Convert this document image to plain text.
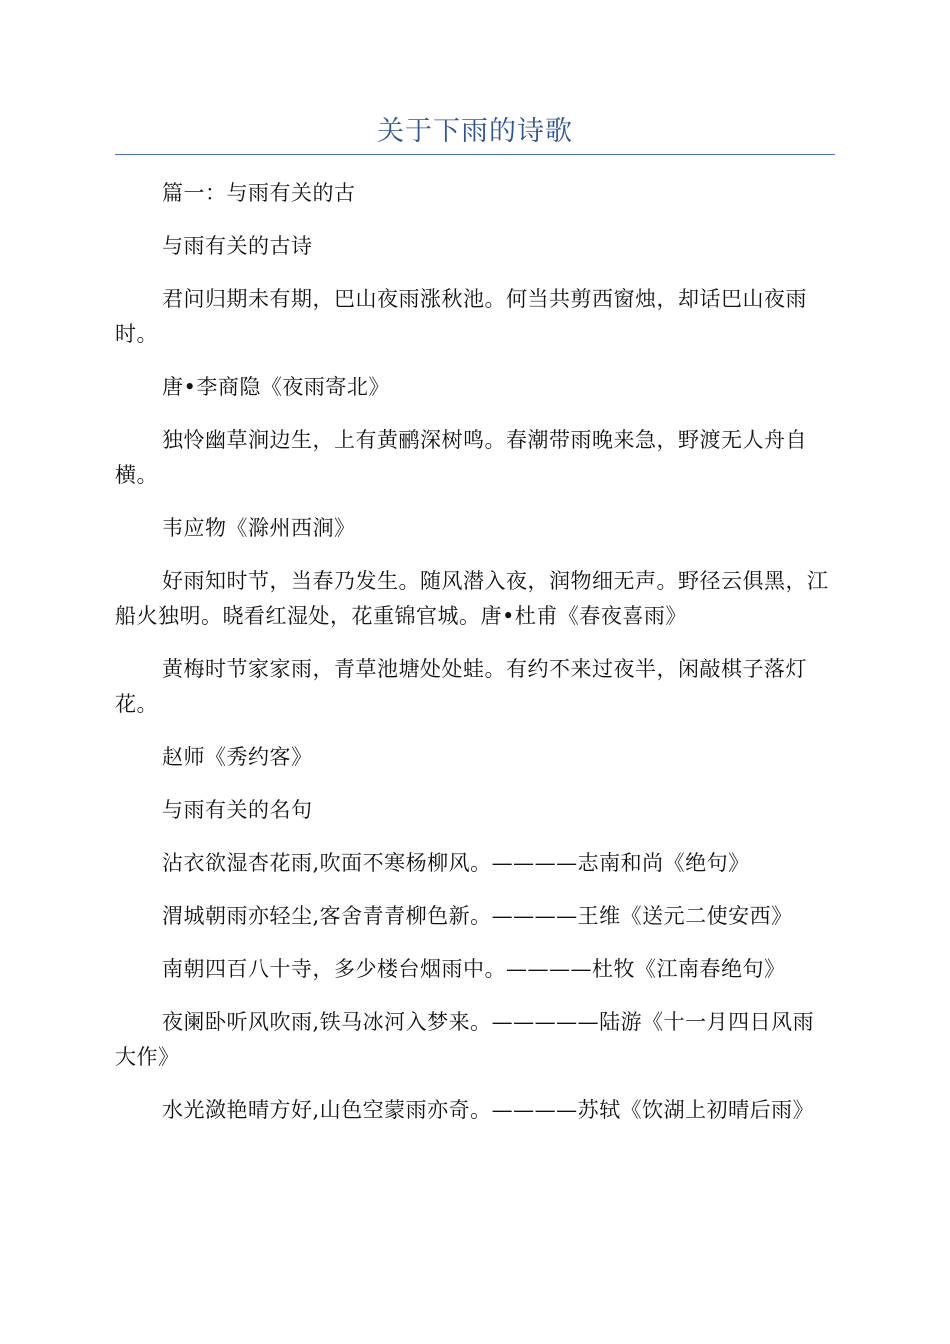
关于下雨的诗歌

篇一：与雨有关的古

与雨有关的古诗

君问归期未有期，巴山夜雨涨秋池。何当共剪西窗烛，却话巴山夜雨时。

唐•李商隐《夜雨寄北》

独怜幽草涧边生，上有黄鹂深树鸣。春潮带雨晚来急，野渡无人舟自横。

韦应物《滁州西涧》

好雨知时节，当春乃发生。随风潜入夜，润物细无声。野径云俱黑，江船火独明。晓看红湿处，花重锦官城。唐•杜甫《春夜喜雨》

黄梅时节家家雨，青草池塘处处蛙。有约不来过夜半，闲敲棋子落灯花。

赵师《秀约客》

与雨有关的名句

沾衣欲湿杏花雨,吹面不寒杨柳风。————志南和尚《绝句》

渭城朝雨亦轻尘,客舍青青柳色新。————王维《送元二使安西》

南朝四百八十寺，多少楼台烟雨中。————杜牧《江南春绝句》

夜阑卧听风吹雨,铁马冰河入梦来。—————陆游《十一月四日风雨大作》

水光潋艳晴方好,山色空蒙雨亦奇。————苏轼《饮湖上初晴后雨》
